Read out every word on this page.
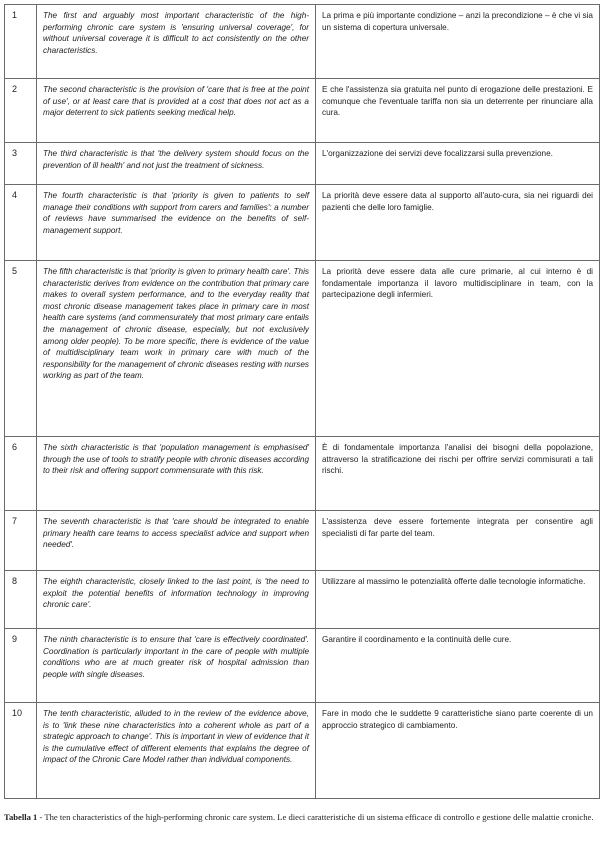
1	The first and arguably most important characteristic of the high-performing chronic care system is 'ensuring universal coverage', for without universal coverage it is difficult to act consistently on the other characteristics.	La prima e più importante condizione – anzi la precondizione – è che vi sia un sistema di copertura universale.
2	The second characteristic is the provision of 'care that is free at the point of use', or at least care that is provided at a cost that does not act as a major deterrent to sick patients seeking medical help.	E che l'assistenza sia gratuita nel punto di erogazione delle prestazioni. E comunque che l'eventuale tariffa non sia un deterrente per rinunciare alla cura.
3	The third characteristic is that 'the delivery system should focus on the prevention of ill health' and not just the treatment of sickness.	L'organizzazione dei servizi deve focalizzarsi sulla prevenzione.
4	The fourth characteristic is that 'priority is given to patients to self manage their conditions with support from carers and families': a number of reviews have summarised the evidence on the benefits of self-management support.	La priorità deve essere data al supporto all'auto-cura, sia nei riguardi dei pazienti che delle loro famiglie.
5	The fifth characteristic is that 'priority is given to primary health care'. This characteristic derives from evidence on the contribution that primary care makes to overall system performance, and to the everyday reality that most chronic disease management takes place in primary care in most health care systems (and commensurately that most primary care entails the management of chronic disease, especially, but not exclusively among older people). To be more specific, there is evidence of the value of multidisciplinary team work in primary care with much of the responsibility for the management of chronic diseases resting with nurses working as part of the team.	La priorità deve essere data alle cure primarie, al cui interno è di fondamentale importanza il lavoro multidisciplinare in team, con la partecipazione degli infermieri.
6	The sixth characteristic is that 'population management is emphasised' through the use of tools to stratify people with chronic diseases according to their risk and offering support commensurate with this risk.	È di fondamentale importanza l'analisi dei bisogni della popolazione, attraverso la stratificazione dei rischi per offrire servizi commisurati a tali rischi.
7	The seventh characteristic is that 'care should be integrated to enable primary health care teams to access specialist advice and support when needed'.	L'assistenza deve essere fortemente integrata per consentire agli specialisti di far parte del team.
8	The eighth characteristic, closely linked to the last point, is 'the need to exploit the potential benefits of information technology in improving chronic care'.	Utilizzare al massimo le potenzialità offerte dalle tecnologie informatiche.
9	The ninth characteristic is to ensure that 'care is effectively coordinated'. Coordination is particularly important in the care of people with multiple conditions who are at much greater risk of hospital admission than people with single diseases.	Garantire il coordinamento e la continuità delle cure.
10	The tenth characteristic, alluded to in the review of the evidence above, is to 'link these nine characteristics into a coherent whole as part of a strategic approach to change'. This is important in view of evidence that it is the cumulative effect of different elements that explains the degree of impact of the Chronic Care Model rather than individual components.	Fare in modo che le suddette 9 caratteristiche siano parte coerente di un approccio strategico di cambiamento.
Tabella 1 - The ten characteristics of the high-performing chronic care system. Le dieci caratteristiche di un sistema efficace di controllo e gestione delle malattie croniche.
